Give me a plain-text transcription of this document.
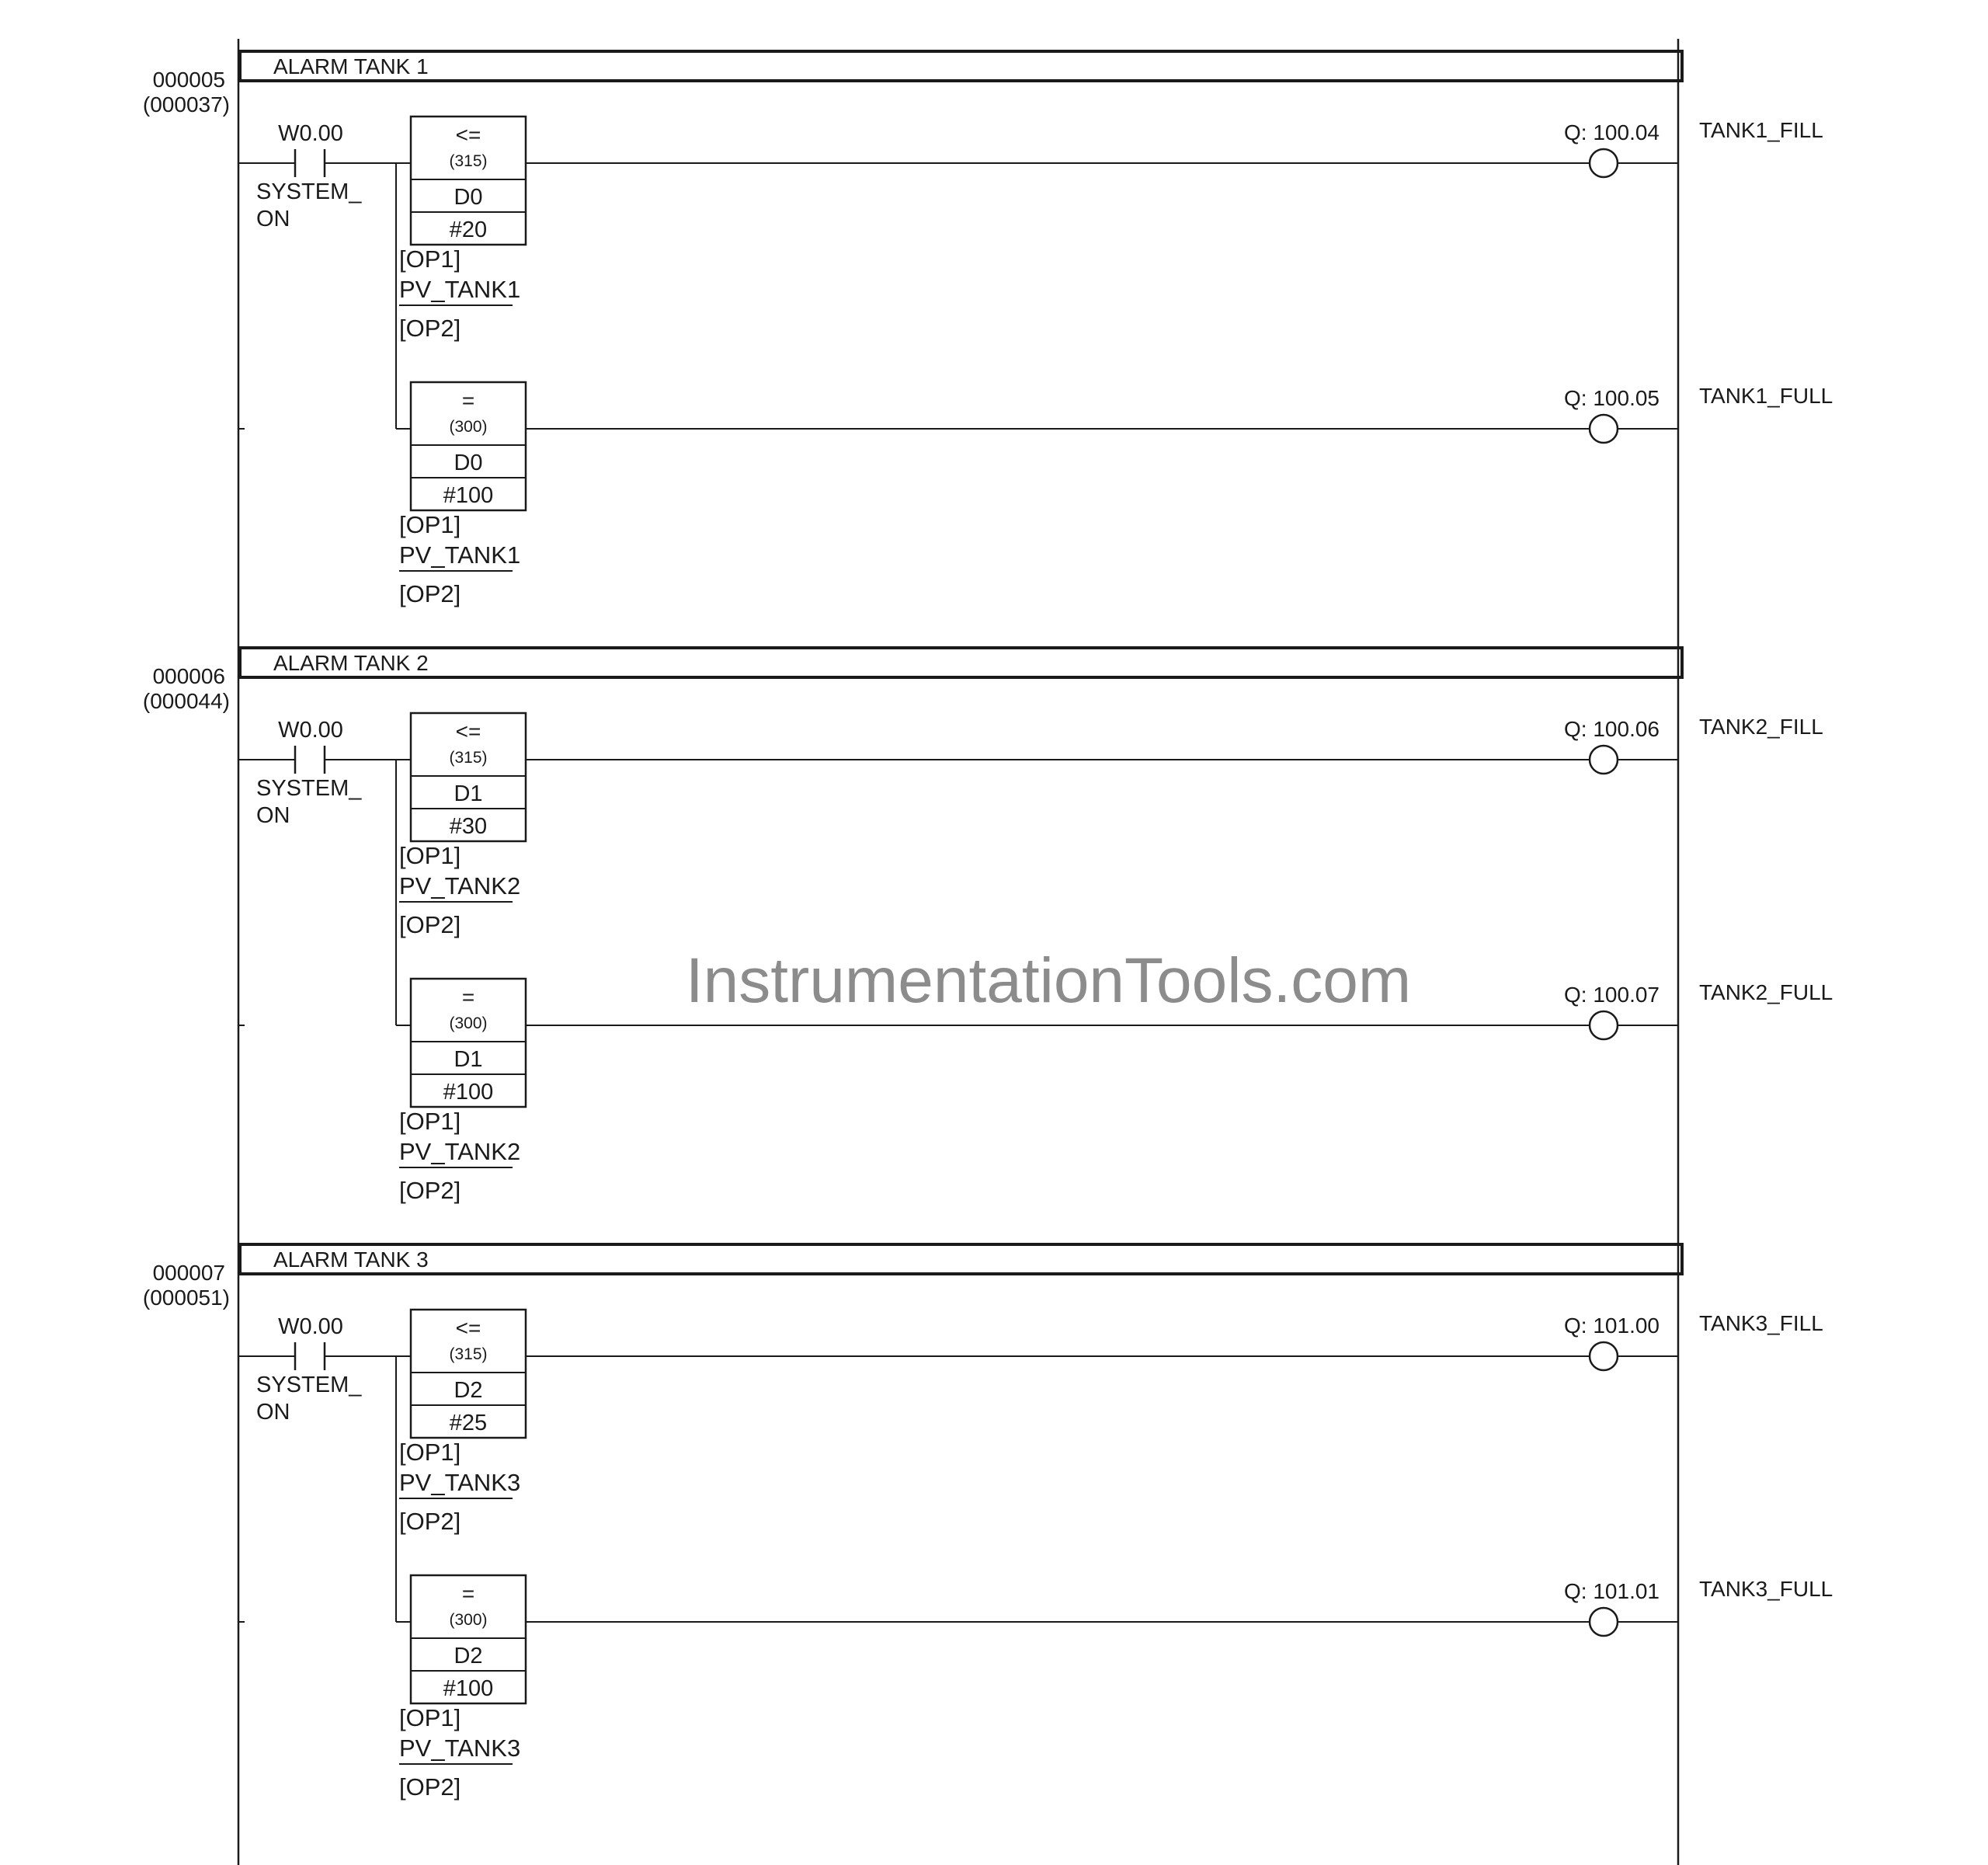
000005
(000037)
ALARM TANK 1
W0.00
SYSTEM_
ON
<=
(315)
D0
#20
[OP1]
PV_TANK1
[OP2]
Q: 100.04 TANK1_FILL
=
(300)
D0
#100
[OP1]
PV_TANK1
[OP2]
Q: 100.05 TANK1_FULL
000006
(000044)
ALARM TANK 2
W0.00
SYSTEM_
ON
<=
(315)
D1
#30
[OP1]
PV_TANK2
[OP2]
Q: 100.06 TANK2_FILL
=
(300)
D1
#100
[OP1]
PV_TANK2
[OP2]
Q: 100.07 TANK2_FULL
000007
(000051)
ALARM TANK 3
W0.00
SYSTEM_
ON
<=
(315)
D2
#25
[OP1]
PV_TANK3
[OP2]
Q: 101.00 TANK3_FILL
=
(300)
D2
#100
[OP1]
PV_TANK3
[OP2]
Q: 101.01 TANK3_FULL
InstrumentationTools.com
